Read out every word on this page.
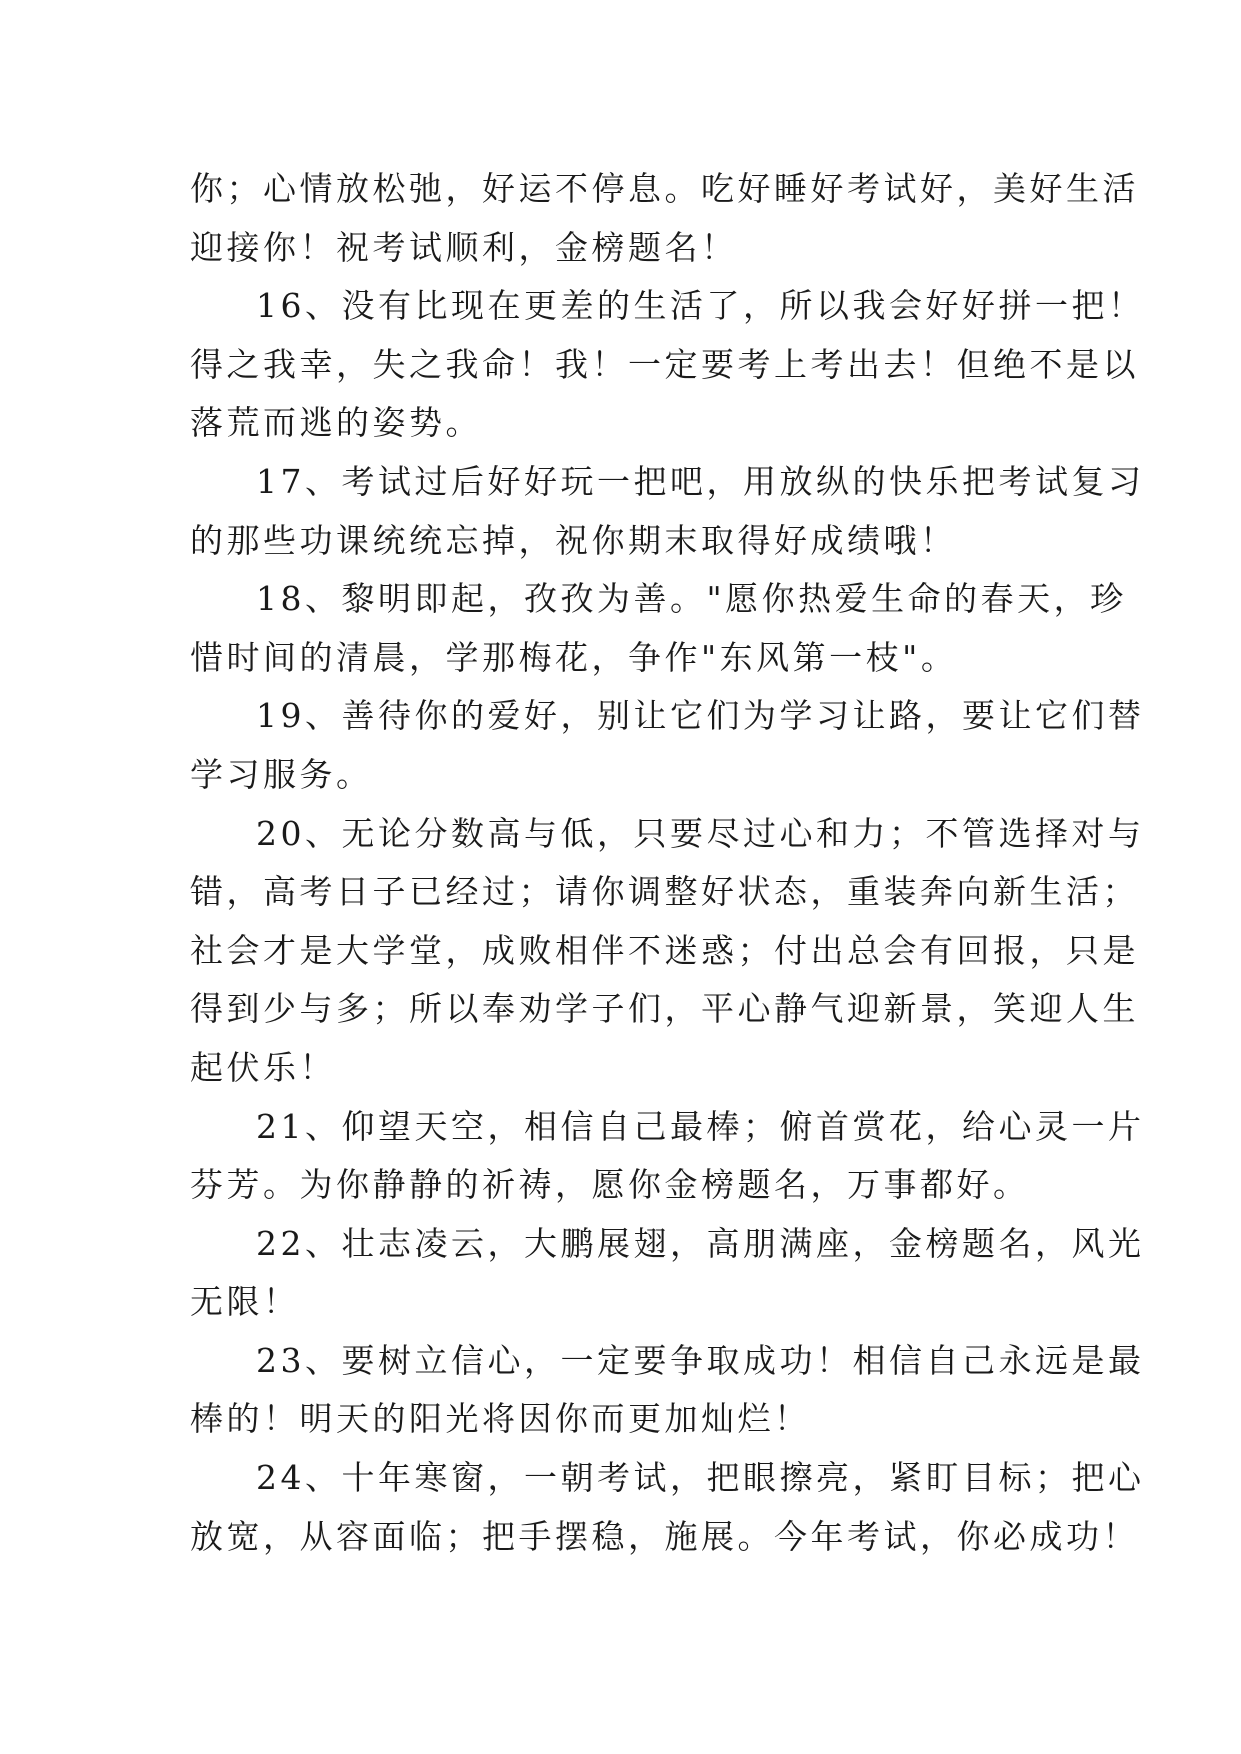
你；心情放松弛，好运不停息。吃好睡好考试好，美好生活
迎接你！祝考试顺利，金榜题名！
16、没有比现在更差的生活了，所以我会好好拼一把！
得之我幸，失之我命！我！一定要考上考出去！但绝不是以
落荒而逃的姿势。
17、考试过后好好玩一把吧，用放纵的快乐把考试复习
的那些功课统统忘掉，祝你期末取得好成绩哦！
18、黎明即起，孜孜为善。"愿你热爱生命的春天，珍
惜时间的清晨，学那梅花，争作"东风第一枝"。
19、善待你的爱好，别让它们为学习让路，要让它们替
学习服务。
20、无论分数高与低，只要尽过心和力；不管选择对与
错，高考日子已经过；请你调整好状态，重装奔向新生活；
社会才是大学堂，成败相伴不迷惑；付出总会有回报，只是
得到少与多；所以奉劝学子们，平心静气迎新景，笑迎人生
起伏乐！
21、仰望天空，相信自己最棒；俯首赏花，给心灵一片
芬芳。为你静静的祈祷，愿你金榜题名，万事都好。
22、壮志凌云，大鹏展翅，高朋满座，金榜题名，风光
无限！
23、要树立信心，一定要争取成功！相信自己永远是最
棒的！明天的阳光将因你而更加灿烂！
24、十年寒窗，一朝考试，把眼擦亮，紧盯目标；把心
放宽，从容面临；把手摆稳，施展。今年考试，你必成功！
